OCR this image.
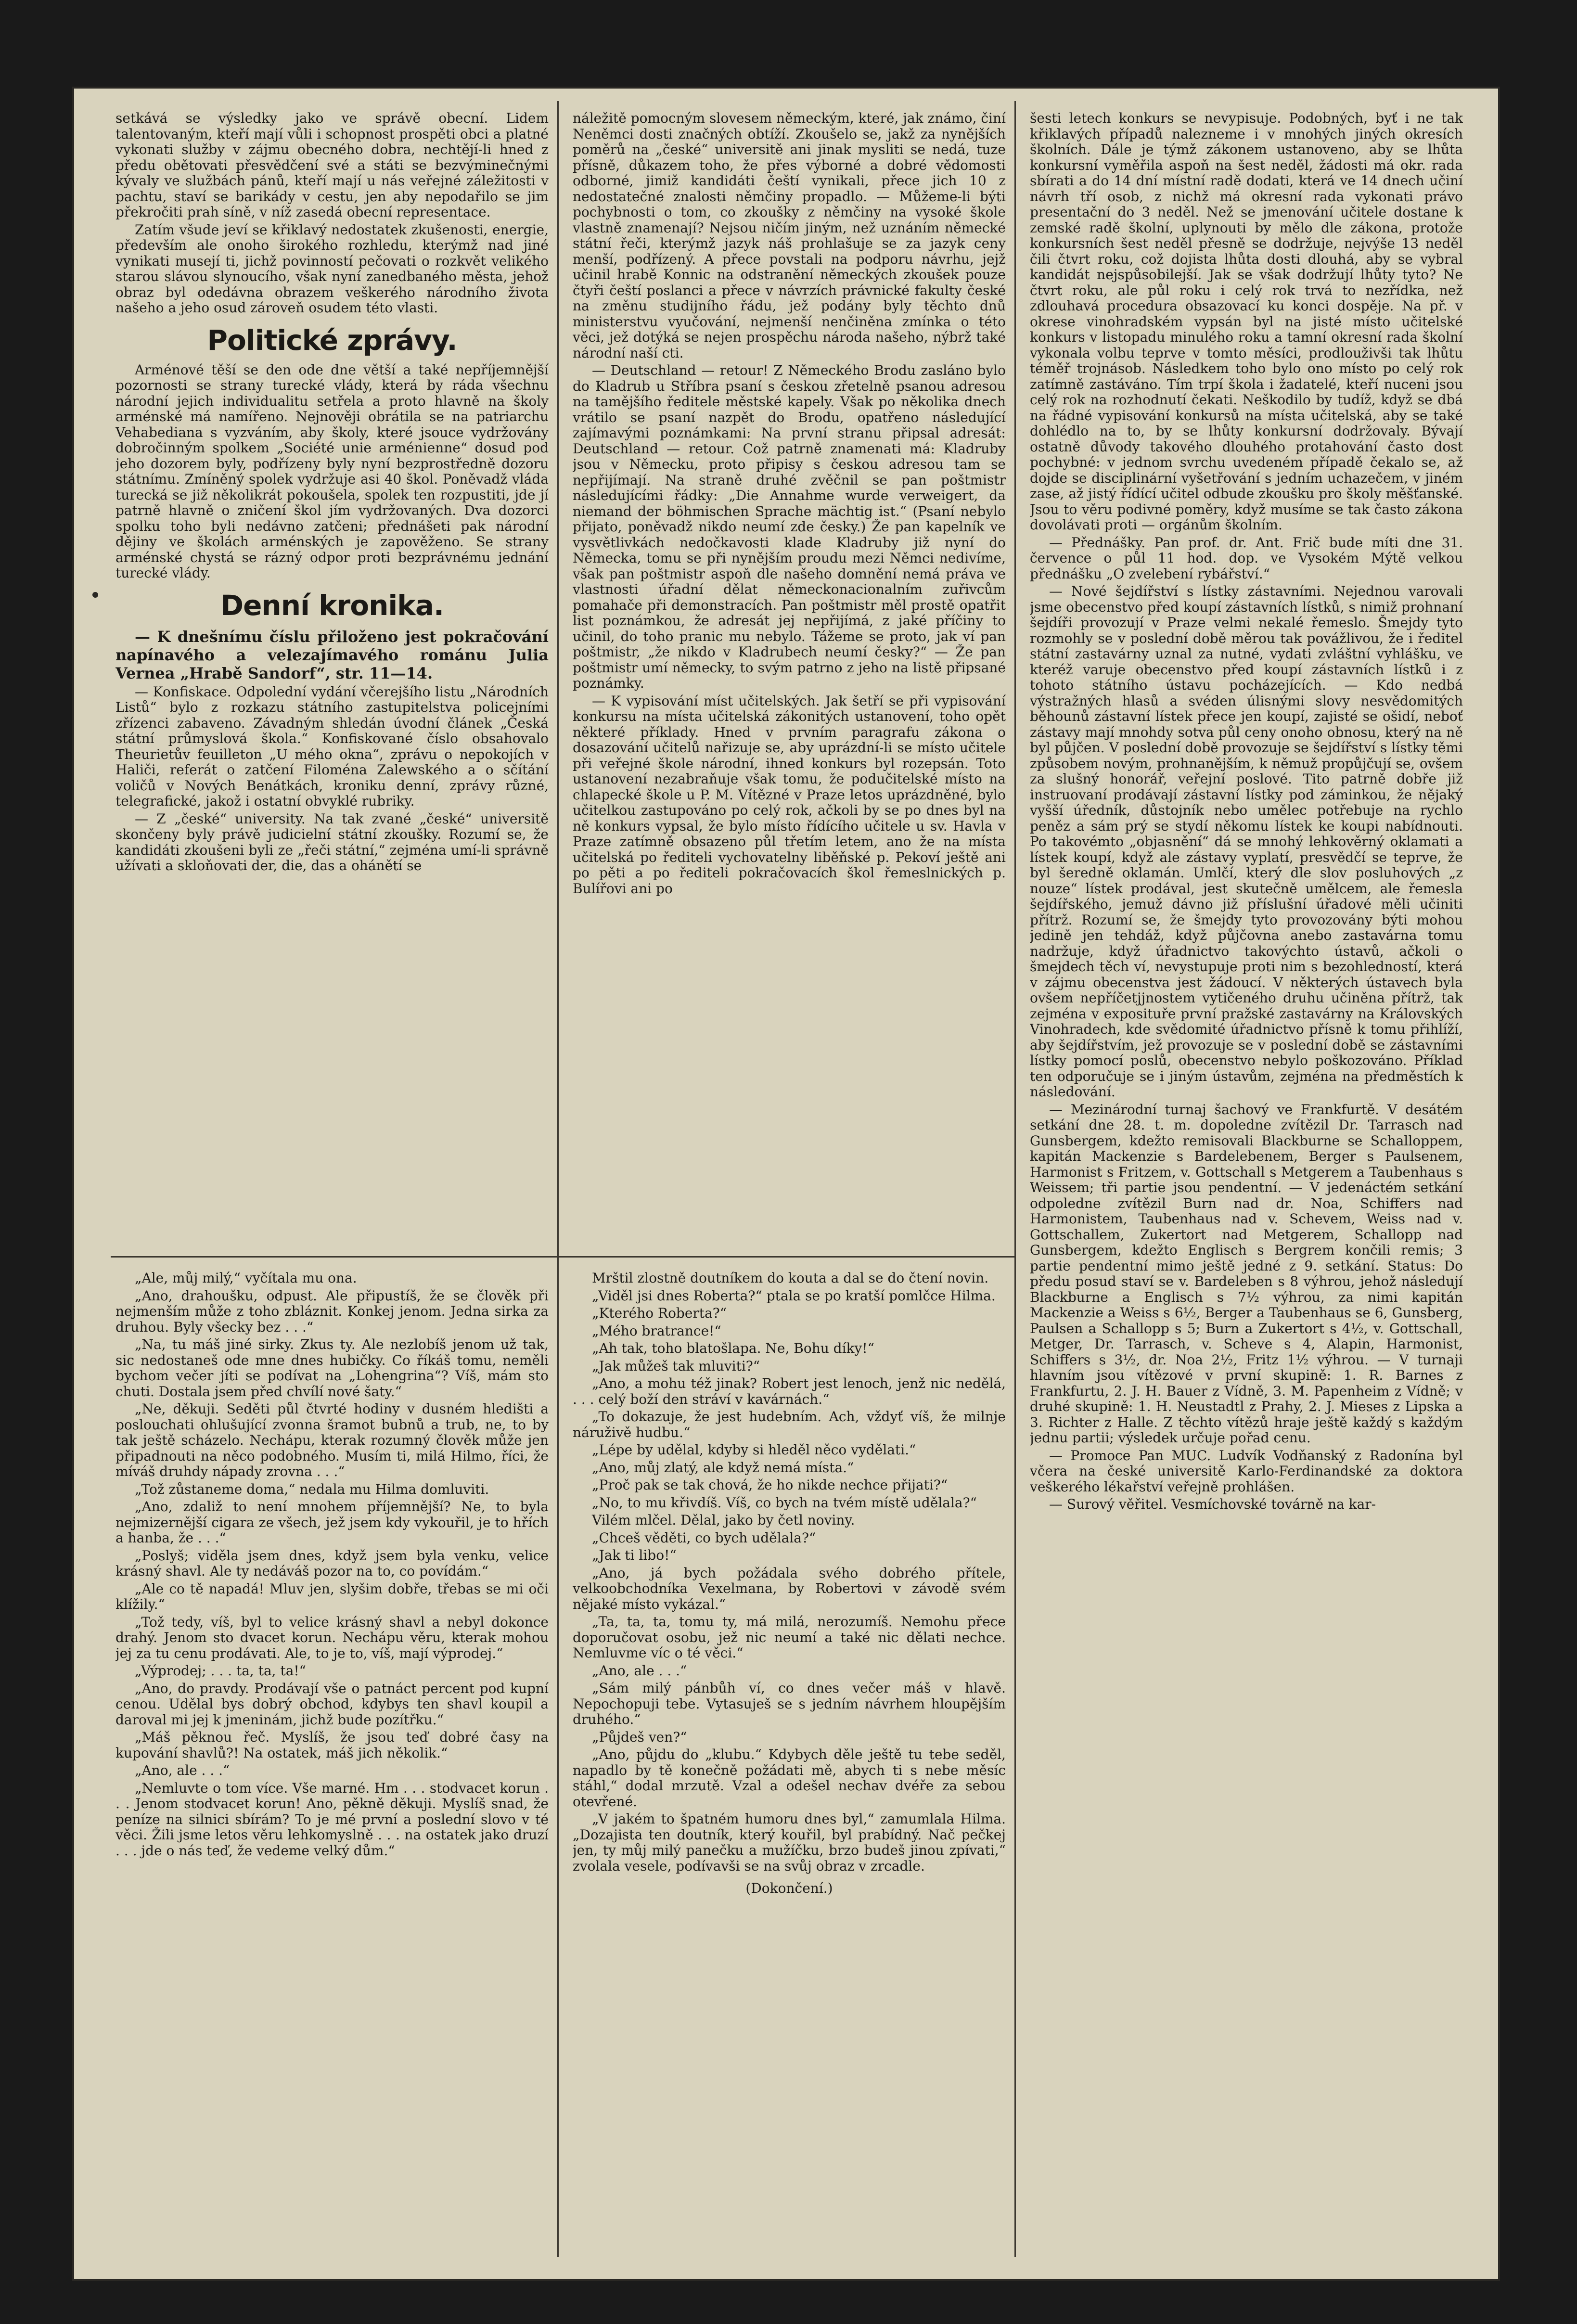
setkává se výsledky jako ve správě obecní. Lidem talentovaným, kteří mají vůli i schopnost prospěti obci a platné vykonati služby v zájmu obecného dobra, nechtějí-li hned z předu obětovati přesvědčení své a státi se bezvýminečnými kývaly ve službách pánů, kteří mají u nás veřejné záležitosti v pachtu, staví se barikády v cestu, jen aby nepodařilo se jim překročiti prah síně, v níž zasedá obecní representace.

Zatím všude jeví se křiklavý nedostatek zkušenosti, energie, především ale onoho širokého rozhledu, kterýmž nad jiné vynikati musejí ti, jichž povinností pečovati o rozkvět velikého starou slávou slynoucího, však nyní zanedbaného města, jehož obraz byl odedávna obrazem veškerého národního života našeho a jeho osud zároveň osudem této vlasti.

Politické zprávy.

Arménové těší se den ode dne větší a také nepříjemnější pozornosti se strany turecké vlády, která by ráda všechnu národní jejich individualitu setřela a proto hlavně na školy arménské má namířeno. Nejnověji obrátila se na patriarchu Vehabediana s vyzváním, aby školy, které jsouce vydržovány dobročinným spolkem „Société unie arménienne“ dosud pod jeho dozorem byly, podřízeny byly nyní bezprostředně dozoru státnímu. Zmíněný spolek vydržuje asi 40 škol. Poněvadž vláda turecká se již několikrát pokoušela, spolek ten rozpustiti, jde jí patrně hlavně o zničení škol jím vydržovaných. Dva dozorci spolku toho byli nedávno zatčeni; přednášeti pak národní dějiny ve školách arménských je zapověženo. Se strany arménské chystá se rázný odpor proti bezprávnému jednání turecké vlády.

Denní kronika.

— K dnešnímu číslu přiloženo jest pokračování napínavého a velezajímavého románu Julia Vernea „Hrabě Sandorf“, str. 11—14.

— Konfiskace. Odpolední vydání včerejšího listu „Národních Listů“ bylo z rozkazu státního zastupitelstva policejními zřízenci zabaveno. Závadným shledán úvodní článek „Česká státní průmyslová škola.“ Konfiskované číslo obsahovalo Theurietův feuilleton „U mého okna“, zprávu o nepokojích v Haliči, referát o zatčení Filoména Zalewského a o sčítání voličů v Nových Benátkách, kroniku denní, zprávy různé, telegrafické, jakož i ostatní obvyklé rubriky.

— Z „české“ university. Na tak zvané „české“ universitě skončeny byly právě judicielní státní zkoušky. Rozumí se, že kandidáti zkoušeni byli ze „řeči státní,“ zejména umí-li správně užívati a skloňovati der, die, das a ohánětí se

náležitě pomocným slovesem německým, které, jak známo, činí Neněmci dosti značných obtíží. Zkoušelo se, jakž za nynějších poměrů na „české“ universitě ani jinak mysliti se nedá, tuze přísně, důkazem toho, že přes výborné a dobré vědomosti odborné, jimiž kandidáti čeští vynikali, přece jich 10 z nedostatečné znalosti němčiny propadlo. — Můžeme-li býti pochybnosti o tom, co zkoušky z němčiny na vysoké škole vlastně znamenají? Nejsou ničím jiným, než uznáním německé státní řeči, kterýmž jazyk náš prohlašuje se za jazyk ceny menší, podřízený. A přece povstali na podporu návrhu, jejž učinil hrabě Konnic na odstranění německých zkoušek pouze čtyři čeští poslanci a přece v návrzích právnické fakulty české na změnu studijního řádu, jež podány byly těchto dnů ministerstvu vyučování, nejmenší nenčiněna zmínka o této věci, jež dotýká se nejen prospěchu národa našeho, nýbrž také národní naší cti.

— Deutschland — retour! Z Německého Brodu zasláno bylo do Kladrub u Stříbra psaní s českou zřetelně psanou adresou na tamějšího ředitele městské kapely. Však po několika dnech vrátilo se psaní nazpět do Brodu, opatřeno následující zajímavými poznámkami: Na první stranu připsal adresát: Deutschland — retour. Což patrně znamenati má: Kladruby jsou v Německu, proto připisy s českou adresou tam se nepřijímají. Na straně druhé zvěčnil se pan poštmistr následujícími řádky: „Die Annahme wurde verweigert, da niemand der böhmischen Sprache mächtig ist.“ (Psaní nebylo přijato, poněvadž nikdo neumí zde česky.) Že pan kapelník ve vysvětlivkách nedočkavosti klade Kladruby již nyní do Německa, tomu se při nynějším proudu mezi Němci nedivíme, však pan poštmistr aspoň dle našeho domnění nemá práva ve vlastnosti úřadní dělat německonacionalním zuřivcům pomahače při demonstracích. Pan poštmistr měl prostě opatřit list poznámkou, že adresát jej nepřijímá, z jaké příčiny to učinil, do toho pranic mu nebylo. Tážeme se proto, jak ví pan poštmistr, „že nikdo v Kladrubech neumí česky?“ — Že pan poštmistr umí německy, to svým patrno z jeho na listě připsané poznámky.

— K vypisování míst učitelských. Jak šetří se při vypisování konkursu na místa učitelská zákonitých ustanovení, toho opět některé příklady. Hned v prvním paragrafu zákona o dosazování učitelů nařizuje se, aby uprázdní-li se místo učitele při veřejné škole národní, ihned konkurs byl rozepsán. Toto ustanovení nezabraňuje však tomu, že podučitelské místo na chlapecké škole u P. M. Vítězné v Praze letos uprázdněné, bylo učitelkou zastupováno po celý rok, ačkoli by se po dnes byl na ně konkurs vypsal, že bylo místo řídícího učitele u sv. Havla v Praze zatímně obsazeno půl třetím letem, ano že na místa učitelská po řediteli vychovatelny liběňské p. Pekoví ještě ani po pěti a po řediteli pokračovacích škol řemeslnických p. Bulířovi ani po

šesti letech konkurs se nevypisuje. Podobných, byť i ne tak křiklavých případů nalezneme i v mnohých jiných okresích školních. Dále je týmž zákonem ustanoveno, aby se lhůta konkursní vyměřila aspoň na šest neděl, žádosti má okr. rada sbírati a do 14 dní místní radě dodati, která ve 14 dnech učiní návrh tří osob, z nichž má okresní rada vykonati právo presentační do 3 neděl. Než se jmenování učitele dostane k zemské radě školní, uplynouti by mělo dle zákona, protože konkursních šest neděl přesně se dodržuje, nejvýše 13 neděl čili čtvrt roku, což dojista lhůta dosti dlouhá, aby se vybral kandidát nejspůsobilejší. Jak se však dodržují lhůty tyto? Ne čtvrt roku, ale půl roku i celý rok trvá to nezřídka, než zdlouhavá procedura obsazovací ku konci dospěje. Na př. v okrese vinohradském vypsán byl na jisté místo učitelské konkurs v listopadu minulého roku a tamní okresní rada školní vykonala volbu teprve v tomto měsíci, prodlouživši tak lhůtu téměř trojnásob. Následkem toho bylo ono místo po celý rok zatímně zastáváno. Tím trpí škola i žadatelé, kteří nuceni jsou celý rok na rozhodnutí čekati. Neškodilo by tudíž, když se dbá na řádné vypisování konkursů na místa učitelská, aby se také dohlédlo na to, by se lhůty konkursní dodržovaly. Bývají ostatně důvody takového dlouhého protahování často dost pochybné: v jednom svrchu uvedeném případě čekalo se, až dojde se disciplinární vyšetřování s jedním uchazečem, v jiném zase, až jistý řídící učitel odbude zkoušku pro školy měšťanské. Jsou to věru podivné poměry, když musíme se tak často zákona dovolávati proti — orgánům školním.

— Přednášky. Pan prof. dr. Ant. Frič bude míti dne 31. července o půl 11 hod. dop. ve Vysokém Mýtě velkou přednášku „O zvelebení rybářství.“

— Nové šejdířství s lístky zástavními. Nejednou varovali jsme obecenstvo před koupí zástavních lístků, s nimiž prohnaní šejdíři provozují v Praze velmi nekalé řemeslo. Šmejdy tyto rozmohly se v poslední době měrou tak povážlivou, že i ředitel státní zastavárny uznal za nutné, vydati zvláštní vyhlášku, ve kteréž varuje obecenstvo před koupí zástavních lístků i z tohoto státního ústavu pocházejících. — Kdo nedbá výstražných hlasů a svéden úlisnými slovy nesvědomitých běhounů zástavní lístek přece jen koupí, zajisté se ošidí, neboť zástavy mají mnohdy sotva půl ceny onoho obnosu, který na ně byl půjčen. V poslední době provozuje se šejdířství s lístky těmi způsobem novým, prohnanějším, k němuž propůjčují se, ovšem za slušný honorář, veřejní poslové. Tito patrně dobře již instruovaní prodávají zástavní lístky pod záminkou, že nějaký vyšší úředník, důstojník nebo umělec potřebuje na rychlo peněz a sám prý se stydí někomu lístek ke koupi nabídnouti. Po takovémto „objasnění“ dá se mnohý lehkověrný oklamati a lístek koupí, když ale zástavy vyplatí, presvědčí se teprve, že byl šeredně oklamán. Umlčí, který dle slov posluhových „z nouze“ lístek prodával, jest skutečně umělcem, ale řemesla šejdířského, jemuž dávno již příslušní úřadové měli učiniti přítrž. Rozumí se, že šmejdy tyto provozovány býti mohou jedině jen tehdáž, když půjčovna anebo zastavárna tomu nadržuje, když úřadnictvo takovýchto ústavů, ačkoli o šmejdech těch ví, nevystupuje proti nim s bezohledností, která v zájmu obecenstva jest žádoucí. V některých ústavech byla ovšem nepříčetjjnostem vytičeného druhu učiněna přítrž, tak zejména v exposituře první pražské zastavárny na Královských Vinohradech, kde svědomité úřadnictvo přísně k tomu přihlíží, aby šejdířstvím, jež provozuje se v poslední době se zástavními lístky pomocí poslů, obecenstvo nebylo poškozováno. Příklad ten odporučuje se i jiným ústavům, zejména na předměstích k následování.

— Mezinárodní turnaj šachový ve Frankfurtě. V desátém setkání dne 28. t. m. dopoledne zvítězil Dr. Tarrasch nad Gunsbergem, kdežto remisovali Blackburne se Schalloppem, kapitán Mackenzie s Bardelebenem, Berger s Paulsenem, Harmonist s Fritzem, v. Gottschall s Metgerem a Taubenhaus s Weissem; tři partie jsou pendentní. — V jedenáctém setkání odpoledne zvítězil Burn nad dr. Noa, Schiffers nad Harmonistem, Taubenhaus nad v. Schevem, Weiss nad v. Gottschallem, Zukertort nad Metgerem, Schallopp nad Gunsbergem, kdežto Englisch s Bergrem končili remis; 3 partie pendentní mimo ještě jedné z 9. setkání. Status: Do předu posud staví se v. Bardeleben s 8 výhrou, jehož následují Blackburne a Englisch s 7½ výhrou, za nimi kapitán Mackenzie a Weiss s 6½, Berger a Taubenhaus se 6, Gunsberg, Paulsen a Schallopp s 5; Burn a Zukertort s 4½, v. Gottschall, Metger, Dr. Tarrasch, v. Scheve s 4, Alapin, Harmonist, Schiffers s 3½, dr. Noa 2½, Fritz 1½ výhrou. — V turnaji hlavním jsou vítězové v první skupině: 1. R. Barnes z Frankfurtu, 2. J. H. Bauer z Vídně, 3. M. Papenheim z Vídně; v druhé skupině: 1. H. Neustadtl z Prahy, 2. J. Mieses z Lipska a 3. Richter z Halle. Z těchto vítězů hraje ještě každý s každým jednu partii; výsledek určuje pořad cenu.

— Promoce Pan MUC. Ludvík Vodňanský z Radonína byl včera na české universitě Karlo-Ferdinandské za doktora veškerého lékařství veřejně prohlášen.

— Surový věřitel. Vesmíchovské továrně na kar-

„Ale, můj milý,“ vyčítala mu ona.

„Ano, drahoušku, odpust. Ale připustíš, že se člověk při nejmenším může z toho zbláznit. Konkej jenom. Jedna sirka za druhou. Byly všecky bez . . .“

„Na, tu máš jiné sirky. Zkus ty. Ale nezlobíš jenom už tak, sic nedostaneš ode mne dnes hubičky. Co říkáš tomu, neměli bychom večer jíti se podívat na „Lohengrina“? Víš, mám sto chuti. Dostala jsem před chvílí nové šaty.“

„Ne, děkuji. Seděti půl čtvrté hodiny v dusném hledišti a poslouchati ohlušující zvonna šramot bubnů a trub, ne, to by tak ještě scházelo. Nechápu, kterak rozumný člověk může jen připadnouti na něco podobného. Musím ti, milá Hilmo, říci, že míváš druhdy nápady zrovna . . .“

„Tož zůstaneme doma,“ nedala mu Hilma domluviti.

„Ano, zdaliž to není mnohem příjemnější? Ne, to byla nejmizernější cigara ze všech, jež jsem kdy vykouřil, je to hřích a hanba, že . . .“

„Poslyš; viděla jsem dnes, když jsem byla venku, velice krásný shavl. Ale ty nedáváš pozor na to, co povídám.“

„Ale co tě napadá! Mluv jen, slyšim dobře, třebas se mi oči klížily.“

„Tož tedy, víš, byl to velice krásný shavl a nebyl dokonce drahý. Jenom sto dvacet korun. Nechápu věru, kterak mohou jej za tu cenu prodávati. Ale, to je to, víš, mají výprodej.“

„Výprodej; . . . ta, ta, ta!“

„Ano, do pravdy. Prodávají vše o patnáct percent pod kupní cenou. Udělal bys dobrý obchod, kdybys ten shavl koupil a daroval mi jej k jmeninám, jichž bude pozítřku.“

„Máš pěknou řeč. Myslíš, že jsou teď dobré časy na kupování shavlů?! Na ostatek, máš jich několik.“

„Ano, ale . . .“

„Nemluvte o tom více. Vše marné. Hm . . . stodvacet korun . . . Jenom stodvacet korun! Ano, pěkně děkuji. Myslíš snad, že peníze na silnici sbírám? To je mé první a poslední slovo v té věci. Žili jsme letos věru lehkomyslně . . . na ostatek jako druzí . . . jde o nás teď, že vedeme velký dům.“

Mrštil zlostně doutníkem do kouta a dal se do čtení novin.

„Viděl jsi dnes Roberta?“ ptala se po kratší pomlčce Hilma.

„Kterého Roberta?“

„Mého bratrance!“

„Ah tak, toho blatošlapa. Ne, Bohu díky!“

„Jak můžeš tak mluviti?“

„Ano, a mohu též jinak? Robert jest lenoch, jenž nic nedělá, . . . celý boží den stráví v kavárnách.“

„To dokazuje, že jest hudebním. Ach, vždyť víš, že milnje náruživě hudbu.“

„Lépe by udělal, kdyby si hleděl něco vydělati.“

„Ano, můj zlatý, ale když nemá místa.“

„Proč pak se tak chová, že ho nikde nechce přijati?“

„No, to mu křivdíš. Víš, co bych na tvém místě udělala?“

Vilém mlčel. Dělal, jako by četl noviny.

„Chceš věděti, co bych udělala?“

„Jak ti libo!“

„Ano, já bych požádala svého dobrého přítele, velkoobchodníka Vexelmana, by Robertovi v závodě svém nějaké místo vykázal.“

„Ta, ta, ta, tomu ty, má milá, nerozumíš. Nemohu přece doporučovat osobu, jež nic neumí a také nic dělati nechce. Nemluvme víc o té věci.“

„Ano, ale . . .“

„Sám milý pánbůh ví, co dnes večer máš v hlavě. Nepochopuji tebe. Vytasuješ se s jedním návrhem hloupějším druhého.“

„Půjdeš ven?“

„Ano, půjdu do „klubu.“ Kdybych děle ještě tu tebe seděl, napadlo by tě konečně požádati mě, abych ti s nebe měsíc stáhl,“ dodal mrzutě. Vzal a odešel nechav dvéře za sebou otevřené.

„V jakém to špatném humoru dnes byl,“ zamumlala Hilma. „Dozajista ten doutník, který kouřil, byl prabídný. Nač pečkej jen, ty můj milý panečku a mužíčku, brzo budeš jinou zpívati,“ zvolala vesele, podívavši se na svůj obraz v zrcadle.

(Dokončení.)
